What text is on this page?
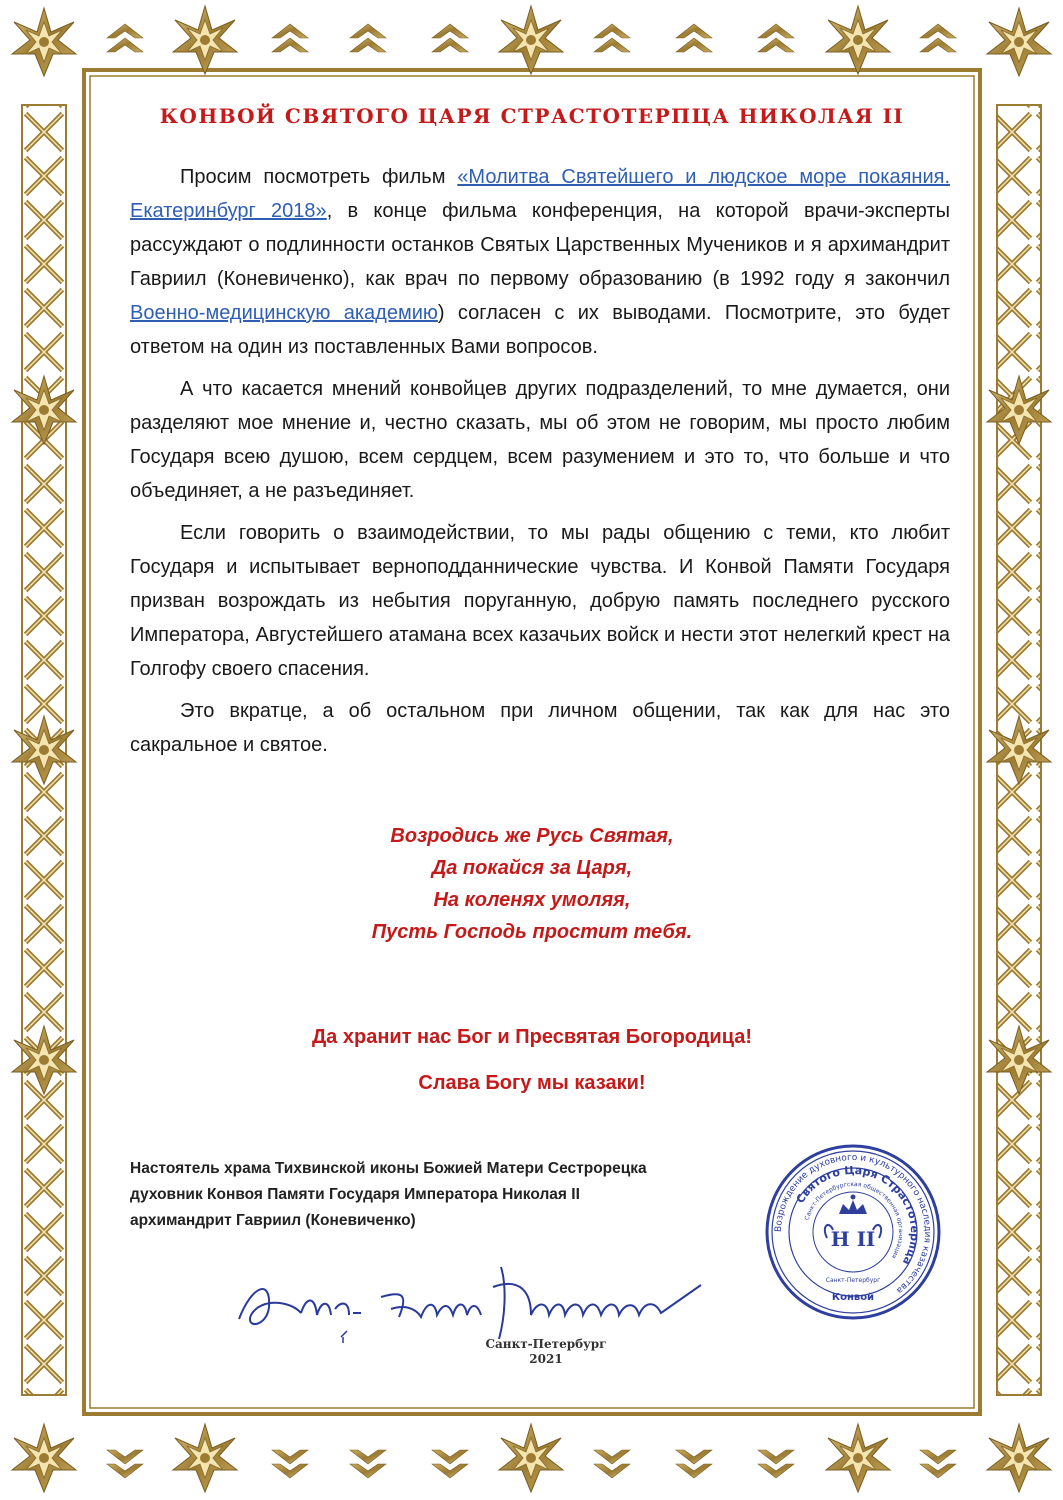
КОНВОЙ СВЯТОГО ЦАРЯ СТРАСТОТЕРПЦА НИКОЛАЯ II

Просим посмотреть фильм «Молитва Святейшего и людское море покаяния. Екатеринбург 2018», в конце фильма конференция, на которой врачи-эксперты рассуждают о подлинности останков Святых Царственных Мучеников и я архимандрит Гавриил (Коневиченко), как врач по первому образованию (в 1992 году я закончил Военно-медицинскую академию) согласен с их выводами. Посмотрите, это будет ответом на один из поставленных Вами вопросов.

А что касается мнений конвойцев других подразделений, то мне думается, они разделяют мое мнение и, честно сказать, мы об этом не говорим, мы просто любим Государя всею душою, всем сердцем, всем разумением и это то, что больше и что объединяет, а не разъединяет.

Если говорить о взаимодействии, то мы рады общению с теми, кто любит Государя и испытывает верноподданнические чувства. И Конвой Памяти Государя призван возрождать из небытия поруганную, добрую память последнего русского Императора, Августейшего атамана всех казачьих войск и нести этот нелегкий крест на Голгофу своего спасения.

Это вкратце, а об остальном при личном общении, так как для нас это сакральное и святое.

Возродись же Русь Святая,
Да покайся за Царя,
На коленях умоляя,
Пусть Господь простит тебя.
Да хранит нас Бог и Пресвятая Богородица!
Слава Богу мы казаки!
Настоятель храма Тихвинской иконы Божией Матери Сестрорецка
духовник Конвоя Памяти Государя Императора Николая II
архимандрит Гавриил (Коневиченко)
Санкт-Петербург
2021
Возрождение духовного и культурного наследия казачества
Святого Царя Страстотерпца
Санкт-Петербургская общественная организация
Конвой
Санкт-Петербург
Н II
